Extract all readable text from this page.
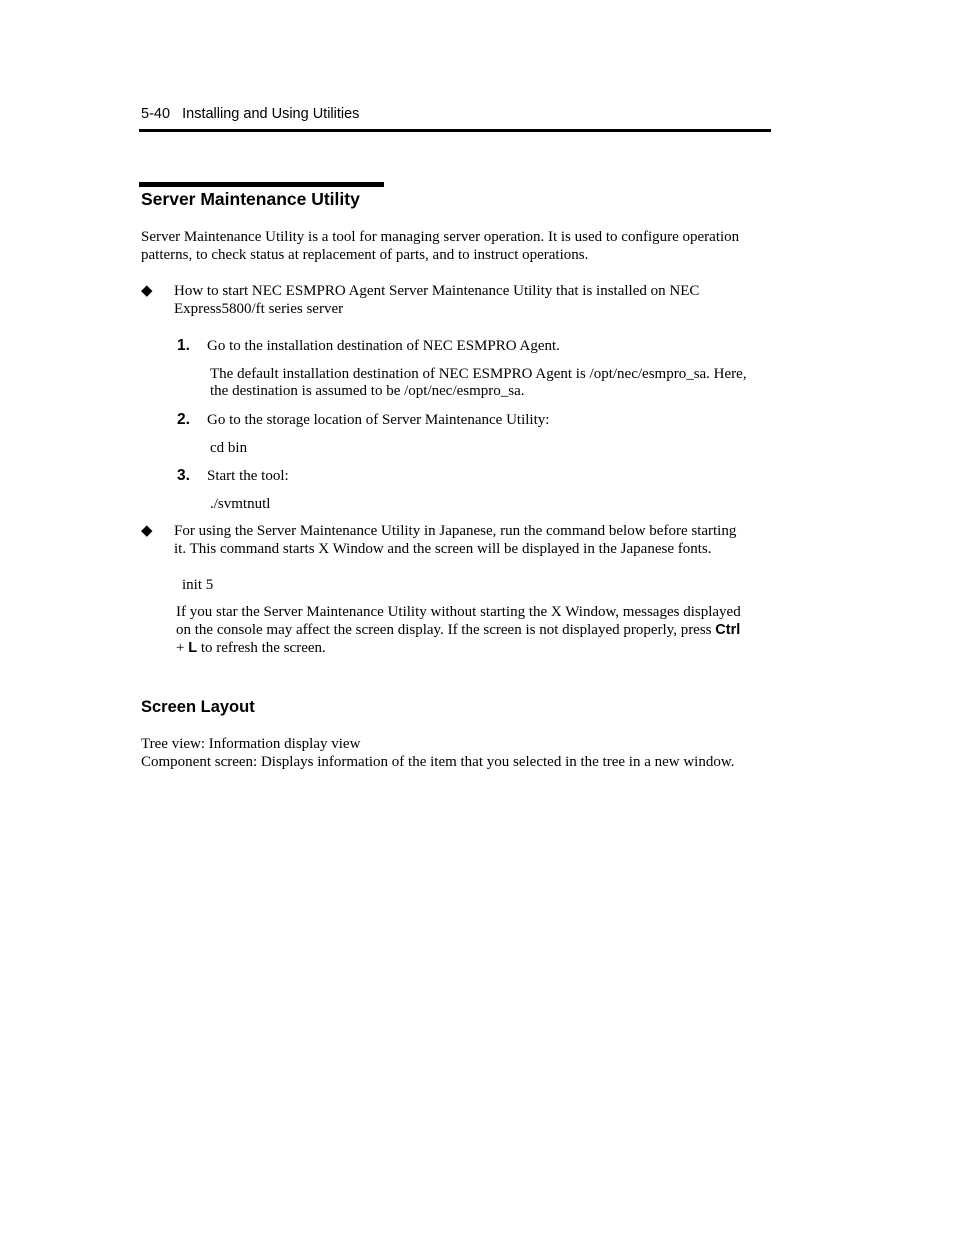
5-40 Installing and Using Utilities
Server Maintenance Utility

Server Maintenance Utility is a tool for managing server operation. It is used to configure operation

patterns, to check status at replacement of parts, and to instruct operations.

◆ How to start NEC ESMPRO Agent Server Maintenance Utility that is installed on NEC

Express5800/ft series server

1. Go to the installation destination of NEC ESMPRO Agent.

The default installation destination of NEC ESMPRO Agent is /opt/nec/esmpro_sa. Here,

the destination is assumed to be /opt/nec/esmpro_sa.

2. Go to the storage location of Server Maintenance Utility:

cd bin

3. Start the tool:

./svmtnutl

◆ For using the Server Maintenance Utility in Japanese, run the command below before starting

it. This command starts X Window and the screen will be displayed in the Japanese fonts.

init 5

If you star the Server Maintenance Utility without starting the X Window, messages displayed

on the console may affect the screen display. If the screen is not displayed properly, press Ctrl

+ L to refresh the screen.

Screen Layout

Tree view: Information display view

Component screen: Displays information of the item that you selected in the tree in a new window.
